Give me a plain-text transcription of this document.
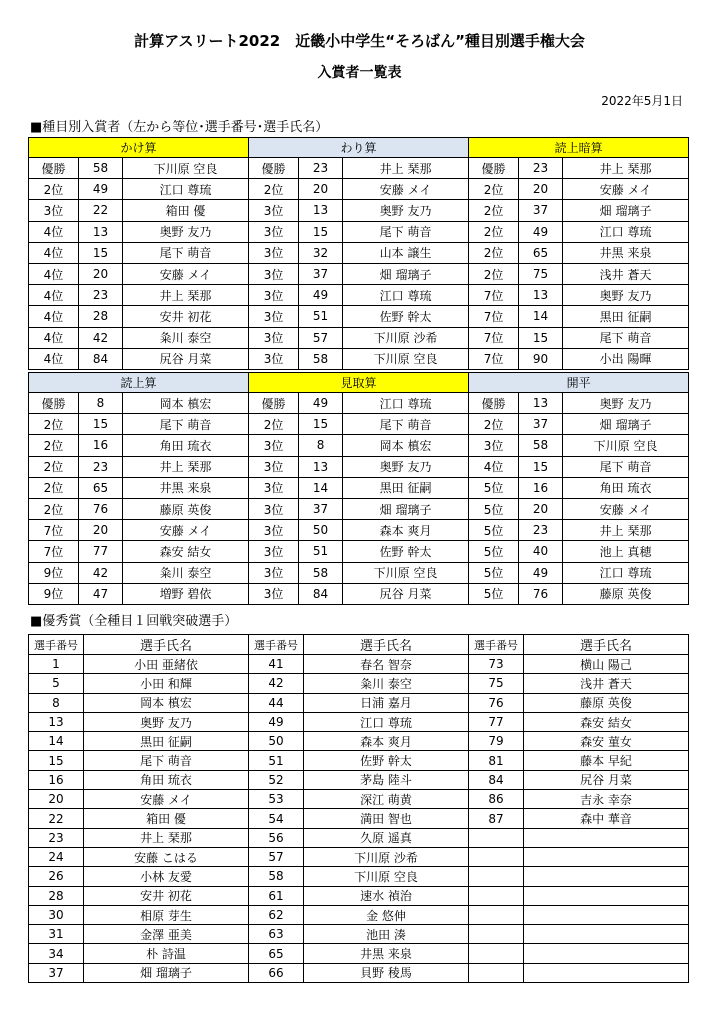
計算アスリート2022　近畿小中学生“そろばん”種目別選手権大会
入賞者一覧表
2022年5月1日
■種目別入賞者（左から等位･選手番号･選手氏名）
かけ算			わり算			読上暗算		
優勝	58	下川原 空良	優勝	23	井上 琹那	優勝	23	井上 琹那
2位	49	江口 尊琉	2位	20	安藤 メイ	2位	20	安藤 メイ
3位	22	箱田 優	3位	13	奥野 友乃	2位	37	畑 瑠璃子
4位	13	奥野 友乃	3位	15	尾下 萌音	2位	49	江口 尊琉
4位	15	尾下 萌音	3位	32	山本 譲生	2位	65	井黒 来泉
4位	20	安藤 メイ	3位	37	畑 瑠璃子	2位	75	浅井 蒼天
4位	23	井上 琹那	3位	49	江口 尊琉	7位	13	奥野 友乃
4位	28	安井 初花	3位	51	佐野 幹太	7位	14	黒田 征嗣
4位	42	粂川 泰空	3位	57	下川原 沙希	7位	15	尾下 萌音
4位	84	尻谷 月菜	3位	58	下川原 空良	7位	90	小出 陽暉
読上算			見取算			開平		
優勝	8	岡本 槙宏	優勝	49	江口 尊琉	優勝	13	奥野 友乃
2位	15	尾下 萌音	2位	15	尾下 萌音	2位	37	畑 瑠璃子
2位	16	角田 琉衣	3位	8	岡本 槙宏	3位	58	下川原 空良
2位	23	井上 琹那	3位	13	奥野 友乃	4位	15	尾下 萌音
2位	65	井黒 来泉	3位	14	黒田 征嗣	5位	16	角田 琉衣
2位	76	藤原 英俊	3位	37	畑 瑠璃子	5位	20	安藤 メイ
7位	20	安藤 メイ	3位	50	森本 爽月	5位	23	井上 琹那
7位	77	森安 結女	3位	51	佐野 幹太	5位	40	池上 真穂
9位	42	粂川 泰空	3位	58	下川原 空良	5位	49	江口 尊琉
9位	47	増野 碧依	3位	84	尻谷 月菜	5位	76	藤原 英俊
■優秀賞（全種目１回戦突破選手）
選手番号	選手氏名	選手番号	選手氏名	選手番号	選手氏名
1	小田 亜緒依	41	春名 智奈	73	横山 陽己
5	小田 和輝	42	粂川 泰空	75	浅井 蒼天
8	岡本 槙宏	44	日浦 嘉月	76	藤原 英俊
13	奥野 友乃	49	江口 尊琉	77	森安 結女
14	黒田 征嗣	50	森本 爽月	79	森安 菫女
15	尾下 萌音	51	佐野 幹太	81	藤本 早紀
16	角田 琉衣	52	茅島 陸斗	84	尻谷 月菜
20	安藤 メイ	53	深江 萌黄	86	吉永 幸奈
22	箱田 優	54	満田 智也	87	森中 華音
23	井上 琹那	56	久原 遥真		
24	安藤 こはる	57	下川原 沙希		
26	小林 友愛	58	下川原 空良		
28	安井 初花	61	速水 禎治		
30	相原 芽生	62	金 悠伸		
31	金澤 亜美	63	池田 湊		
34	朴 詩温	65	井黒 来泉		
37	畑 瑠璃子	66	貝野 稜馬		
